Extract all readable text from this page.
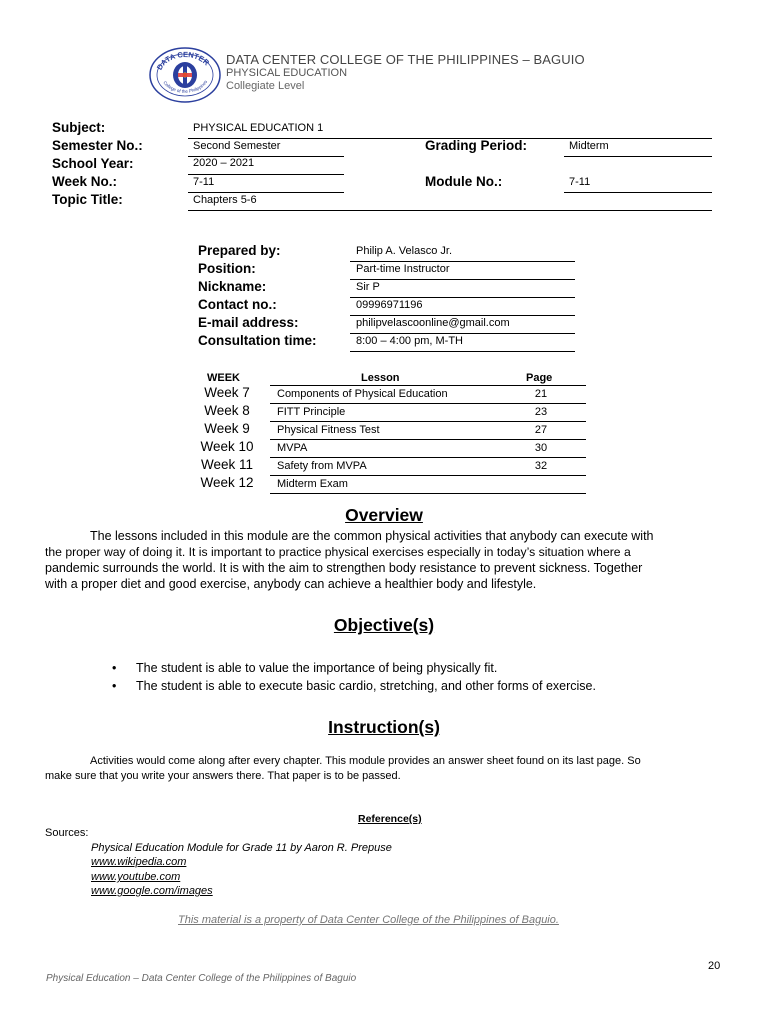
DATA CENTER
College of the Philippines
DATA CENTER COLLEGE OF THE PHILIPPINES – BAGUIO
PHYSICAL EDUCATION
Collegiate Level
Subject:	PHYSICAL EDUCATION 1
Semester No.:	Second Semester	Grading Period:	Midterm
School Year:	2020 – 2021
Week No.:	7-11	Module No.:	7-11
Topic Title:	Chapters 5-6
Prepared by:	Philip A. Velasco Jr.
Position:	Part-time Instructor
Nickname:	Sir P
Contact no.:	09996971196
E-mail address:	philipvelascoonline@gmail.com
Consultation time:	8:00 – 4:00 pm, M-TH
WEEK	Lesson	Page
Week 7	Components of Physical Education	21
Week 8	FITT Principle	23
Week 9	Physical Fitness Test	27
Week 10	MVPA	30
Week 11	Safety from MVPA	32
Week 12	Midterm Exam
Overview
The lessons included in this module are the common physical activities that anybody can execute with
the proper way of doing it. It is important to practice physical exercises especially in today’s situation where a
pandemic surrounds the world. It is with the aim to strengthen body resistance to prevent sickness. Together
with a proper diet and good exercise, anybody can achieve a healthier body and lifestyle.
Objective(s)
• The student is able to value the importance of being physically fit.
• The student is able to execute basic cardio, stretching, and other forms of exercise.
Instruction(s)
Activities would come along after every chapter. This module provides an answer sheet found on its last page. So
make sure that you write your answers there. That paper is to be passed.
Reference(s)
Sources:
Physical Education Module for Grade 11 by Aaron R. Prepuse
www.wikipedia.com
www.youtube.com
www.google.com/images
This material is a property of Data Center College of the Philippines of Baguio.
20
Physical Education – Data Center College of the Philippines of Baguio
